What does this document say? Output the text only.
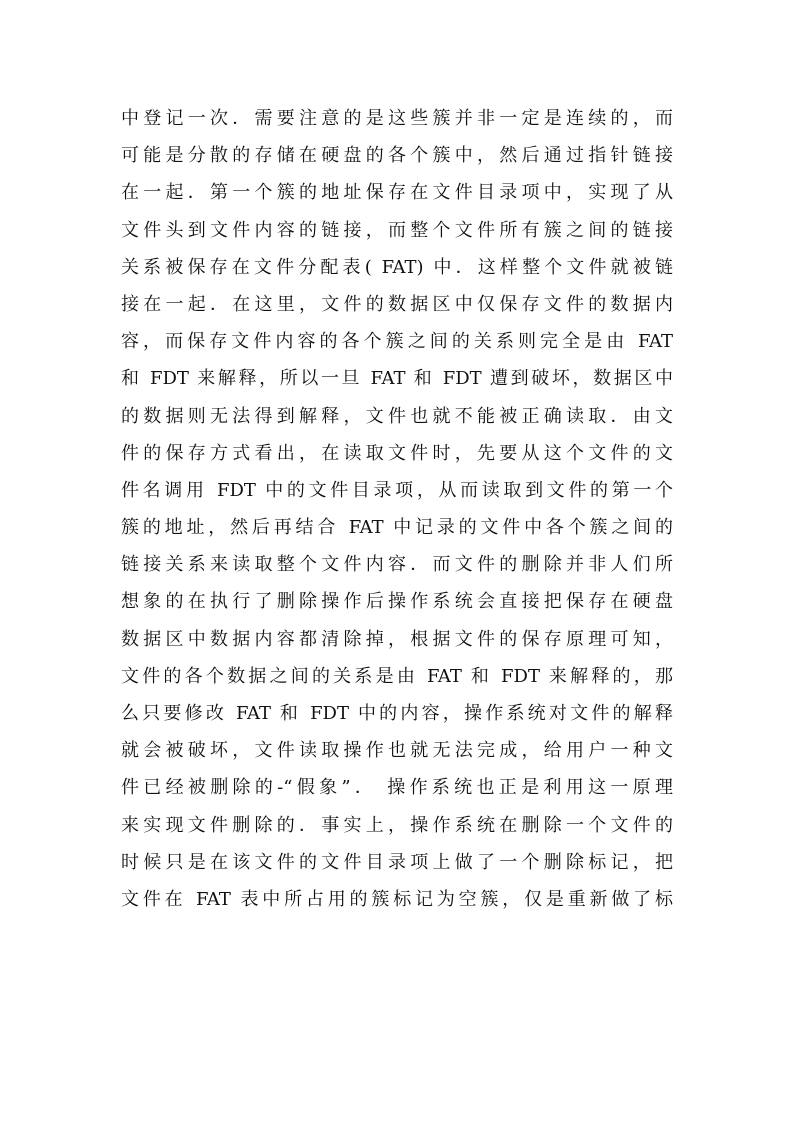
中登记一次．需要注意的是这些簇并非一定是连续的，而
可能是分散的存储在硬盘的各个簇中，然后通过指针链接
在一起．第一个簇的地址保存在文件目录项中，实现了从
文件头到文件内容的链接，而整个文件所有簇之间的链接
关系被保存在文件分配表( FAT) 中．这样整个文件就被链
接在一起．在这里，文件的数据区中仅保存文件的数据内
容，而保存文件内容的各个簇之间的关系则完全是由 FAT
和 FDT 来解释，所以一旦 FAT 和 FDT 遭到破坏，数据区中
的数据则无法得到解释，文件也就不能被正确读取．由文
件的保存方式看出，在读取文件时，先要从这个文件的文
件名调用 FDT 中的文件目录项，从而读取到文件的第一个
簇的地址，然后再结合 FAT 中记录的文件中各个簇之间的
链接关系来读取整个文件内容．而文件的删除并非人们所
想象的在执行了删除操作后操作系统会直接把保存在硬盘
数据区中数据内容都清除掉，根据文件的保存原理可知，
文件的各个数据之间的关系是由 FAT 和 FDT 来解释的，那
么只要修改 FAT 和 FDT 中的内容，操作系统对文件的解释
就会被破坏，文件读取操作也就无法完成，给用户一种文
件已经被删除的-“假象”． 操作系统也正是利用这一原理
来实现文件删除的．事实上，操作系统在删除一个文件的
时候只是在该文件的文件目录项上做了一个删除标记，把
文件在 FAT 表中所占用的簇标记为空簇，仅是重新做了标
